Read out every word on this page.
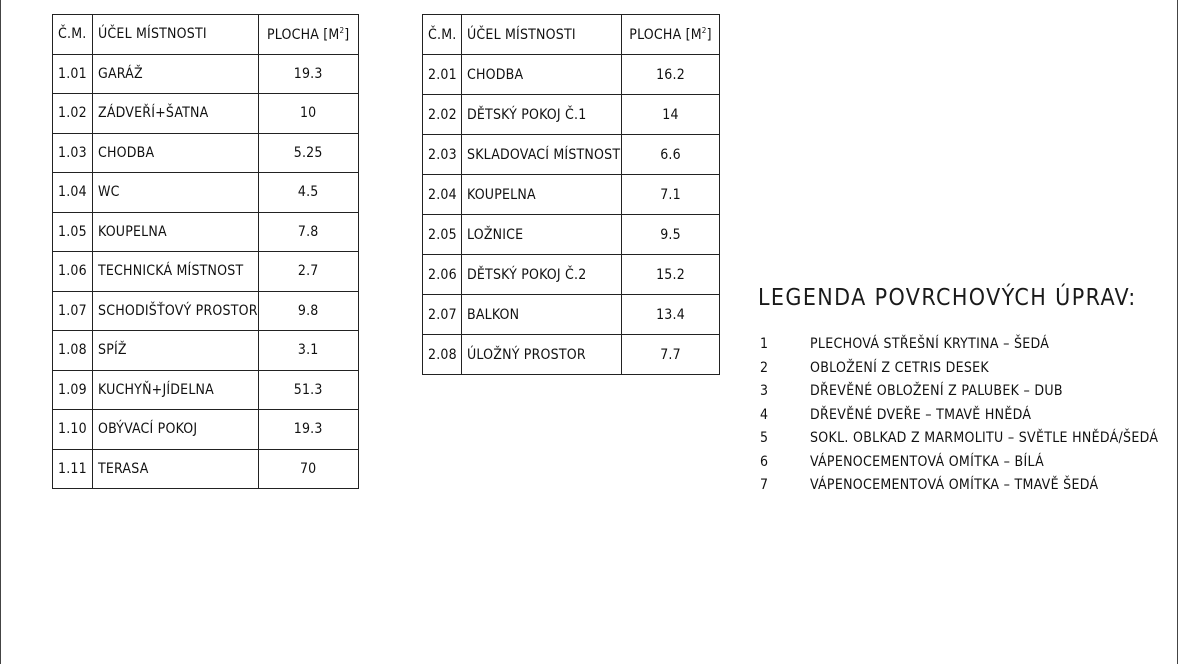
Č.M.	ÚČEL MÍSTNOSTI	PLOCHA $[M^2]$
1.01	GARÁŽ	19.3
1.02	ZÁDVEŘÍ+ŠATNA	10
1.03	CHODBA	5.25
1.04	WC	4.5
1.05	KOUPELNA	7.8
1.06	TECHNICKÁ MÍSTNOST	2.7
1.07	SCHODIŠŤOVÝ PROSTOR	9.8
1.08	SPÍŽ	3.1
1.09	KUCHYŇ+JÍDELNA	51.3
1.10	OBÝVACÍ POKOJ	19.3
1.11	TERASA	70
Č.M.	ÚČEL MÍSTNOSTI	PLOCHA $[M^2]$
2.01	CHODBA	16.2
2.02	DĚTSKÝ POKOJ Č.1	14
2.03	SKLADOVACÍ MÍSTNOST	6.6
2.04	KOUPELNA	7.1
2.05	LOŽNICE	9.5
2.06	DĚTSKÝ POKOJ Č.2	15.2
2.07	BALKON	13.4
2.08	ÚLOŽNÝ PROSTOR	7.7
LEGENDA POVRCHOVÝCH ÚPRAV:
1	PLECHOVÁ STŘEŠNÍ KRYTINA – ŠEDÁ
2	OBLOŽENÍ Z CETRIS DESEK
3	DŘEVĚNÉ OBLOŽENÍ Z PALUBEK – DUB
4	DŘEVĚNÉ DVEŘE – TMAVĚ HNĚDÁ
5	SOKL. OBLKAD Z MARMOLITU – SVĚTLE HNĚDÁ/ŠEDÁ
6	VÁPENOCEMENTOVÁ OMÍTKA – BÍLÁ
7	VÁPENOCEMENTOVÁ OMÍTKA – TMAVĚ ŠEDÁ
